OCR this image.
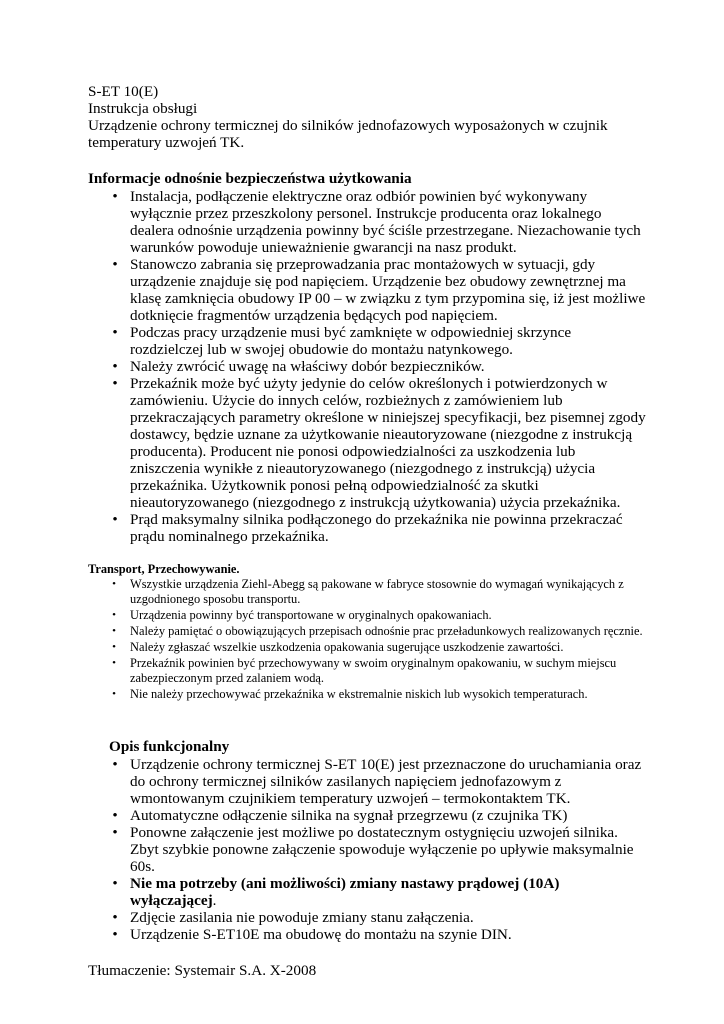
S-ET 10(E)

Instrukcja obsługi

Urządzenie ochrony termicznej do silników jednofazowych wyposażonych w czujnik temperatury uzwojeń TK.

Informacje odnośnie bezpieczeństwa użytkowania
• Instalacja, podłączenie elektryczne oraz odbiór powinien być wykonywany wyłącznie przez przeszkolony personel. Instrukcje producenta oraz lokalnego dealera odnośnie urządzenia powinny być ściśle przestrzegane. Niezachowanie tych warunków powoduje unieważnienie gwarancji na nasz produkt.
• Stanowczo zabrania się przeprowadzania prac montażowych w sytuacji, gdy urządzenie znajduje się pod napięciem. Urządzenie bez obudowy zewnętrznej ma klasę zamknięcia obudowy IP 00 – w związku z tym przypomina się, iż jest możliwe dotknięcie fragmentów urządzenia będących pod napięciem.
• Podczas pracy urządzenie musi być zamknięte w odpowiedniej skrzynce rozdzielczej lub w swojej obudowie do montażu natynkowego.
• Należy zwrócić uwagę na właściwy dobór bezpieczników.
• Przekaźnik może być użyty jedynie do celów określonych i potwierdzonych w zamówieniu. Użycie do innych celów, rozbieżnych z zamówieniem lub przekraczających parametry określone w niniejszej specyfikacji, bez pisemnej zgody dostawcy, będzie uznane za użytkowanie nieautoryzowane (niezgodne z instrukcją producenta). Producent nie ponosi odpowiedzialności za uszkodzenia lub zniszczenia wynikłe z nieautoryzowanego (niezgodnego z instrukcją) użycia przekaźnika. Użytkownik ponosi pełną odpowiedzialność za skutki nieautoryzowanego (niezgodnego z instrukcją użytkowania) użycia przekaźnika.
• Prąd maksymalny silnika podłączonego do przekaźnika nie powinna przekraczać prądu nominalnego przekaźnika.
Transport, Przechowywanie.
•	Wszystkie urządzenia Ziehl-Abegg są pakowane w fabryce stosownie do wymagań wynikających z uzgodnionego sposobu transportu.
•	Urządzenia powinny być transportowane w oryginalnych opakowaniach.
•	Należy pamiętać o obowiązujących przepisach odnośnie prac przeładunkowych realizowanych ręcznie.
•	Należy zgłaszać wszelkie uszkodzenia opakowania sugerujące uszkodzenie zawartości.
•	Przekaźnik powinien być przechowywany w swoim oryginalnym opakowaniu, w suchym miejscu zabezpieczonym przed zalaniem wodą.
•	Nie należy przechowywać przekaźnika w ekstremalnie niskich lub wysokich temperaturach.
Opis funkcjonalny
• Urządzenie ochrony termicznej S-ET 10(E) jest przeznaczone do uruchamiania oraz do ochrony termicznej silników zasilanych napięciem jednofazowym z wmontowanym czujnikiem temperatury uzwojeń – termokontaktem TK.
• Automatyczne odłączenie silnika na sygnał przegrzewu (z czujnika TK)
• Ponowne załączenie jest możliwe po dostatecznym ostygnięciu uzwojeń silnika. Zbyt szybkie ponowne załączenie spowoduje wyłączenie po upływie maksymalnie 60s.
• Nie ma potrzeby (ani możliwości) zmiany nastawy prądowej (10A) wyłączającej.
• Zdjęcie zasilania nie powoduje zmiany stanu załączenia.
• Urządzenie S-ET10E ma obudowę do montażu na szynie DIN.

Tłumaczenie: Systemair S.A. X-2008
